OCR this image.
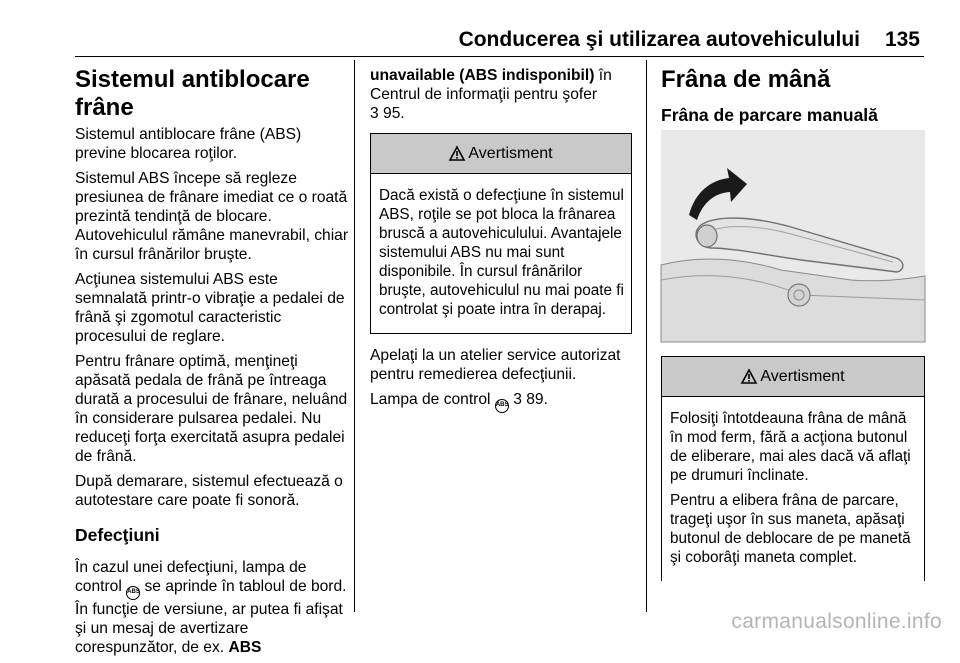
Conducerea şi utilizarea autovehiculului 135
Sistemul antiblocare frâne

Sistemul antiblocare frâne (ABS) previne blocarea roţilor.

Sistemul ABS începe să regleze presiunea de frânare imediat ce o roată prezintă tendinţă de blocare. Autovehiculul rămâne manevrabil, chiar în cursul frânărilor bruşte.

Acţiunea sistemului ABS este semnalată printr-o vibraţie a pedalei de frână şi zgomotul caracteristic procesului de reglare.

Pentru frânare optimă, menţineţi apăsată pedala de frână pe întreaga durată a procesului de frânare, neluând în considerare pulsarea pedalei. Nu reduceţi forţa exercitată asupra pedalei de frână.

După demarare, sistemul efectuează o autotestare care poate fi sonoră.

Defecţiuni

În cazul unei defecţiuni, lampa de control ABS se aprinde în tabloul de bord. În funcţie de versiune, ar putea fi afişat şi un mesaj de avertizare corespunzător, de ex. ABS

unavailable (ABS indisponibil) în Centrul de informaţii pentru şofer
3 95.

Avertisment

Dacă există o defecţiune în sistemul ABS, roţile se pot bloca la frânarea bruscă a autovehiculului. Avantajele sistemului ABS nu mai sunt disponibile. În cursul frânărilor bruşte, autovehiculul nu mai poate fi controlat şi poate intra în derapaj.

Apelaţi la un atelier service autorizat pentru remedierea defecţiunii.

Lampa de control ABS 3 89.

Frâna de mână
Frâna de parcare manuală
Avertisment

Folosiţi întotdeauna frâna de mână în mod ferm, fără a acţiona butonul de eliberare, mai ales dacă vă aflaţi pe drumuri înclinate.

Pentru a elibera frâna de parcare, trageţi uşor în sus maneta, apăsaţi butonul de deblocare de pe manetă şi coborâţi maneta complet.

carmanualsonline.info
